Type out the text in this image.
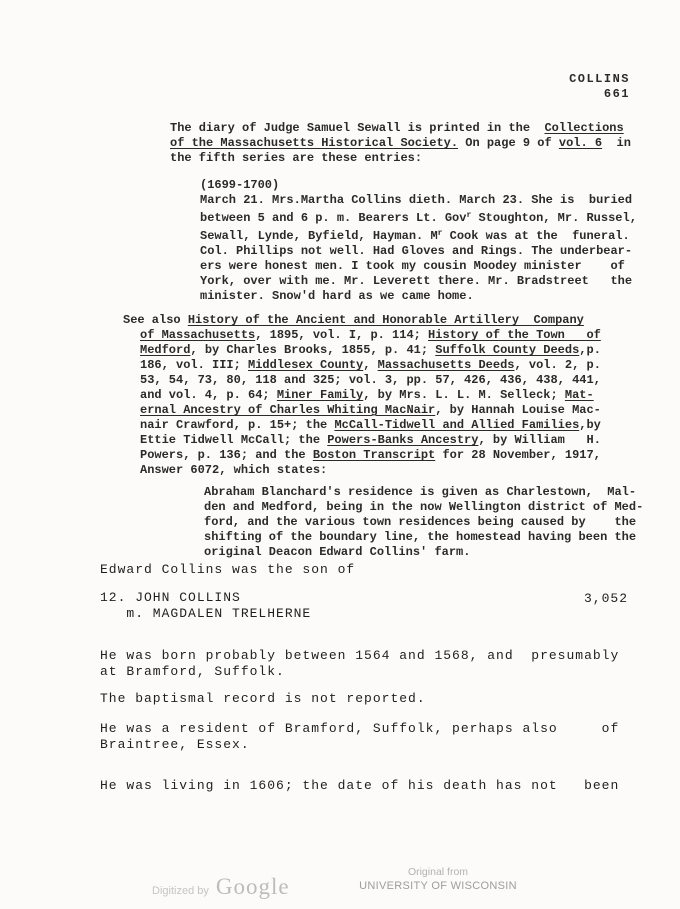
COLLINS
661
The diary of Judge Samuel Sewall is printed in the  Collections
of the Massachusetts Historical Society. On page 9 of vol. 6  in
the fifth series are these entries:
(1699-1700)
March 21. Mrs.Martha Collins dieth. March 23. She is  buried
between 5 and 6 p. m. Bearers Lt. Gov$^r$ Stoughton, Mr. Russel,
Sewall, Lynde, Byfield, Hayman. $M^r$ Cook was at the  funeral.
Col. Phillips not well. Had Gloves and Rings. The underbear-
ers were honest men. I took my cousin Moodey minister    of
York, over with me. Mr. Leverett there. Mr. Bradstreet   the
minister. Snow'd hard as we came home.
See also History of the Ancient and Honorable Artillery  Company
of Massachusetts, 1895, vol. I, p. 114; History of the Town   of
Medford, by Charles Brooks, 1855, p. 41; Suffolk County Deeds,p.
186, vol. III; Middlesex County, Massachusetts Deeds, vol. 2, p.
53, 54, 73, 80, 118 and 325; vol. 3, pp. 57, 426, 436, 438, 441,
and vol. 4, p. 64; Miner Family, by Mrs. L. L. M. Selleck; Mat-
ernal Ancestry of Charles Whiting MacNair, by Hannah Louise Mac-
nair Crawford, p. 15+; the McCall-Tidwell and Allied Families,by
Ettie Tidwell McCall; the Powers-Banks Ancestry, by William   H.
Powers, p. 136; and the Boston Transcript for 28 November, 1917,
Answer 6072, which states:
Abraham Blanchard's residence is given as Charlestown,  Mal-
den and Medford, being in the now Wellington district of Med-
ford, and the various town residences being caused by    the
shifting of the boundary line, the homestead having been the
original Deacon Edward Collins' farm.
Edward Collins was the son of
12. JOHN COLLINS
m. MAGDALEN TRELHERNE
3,052
He was born probably between 1564 and 1568, and  presumably
at Bramford, Suffolk.
The baptismal record is not reported.
He was a resident of Bramford, Suffolk, perhaps also     of
Braintree, Essex.
He was living in 1606; the date of his death has not   been
Digitized by Google
Original from
UNIVERSITY OF WISCONSIN
